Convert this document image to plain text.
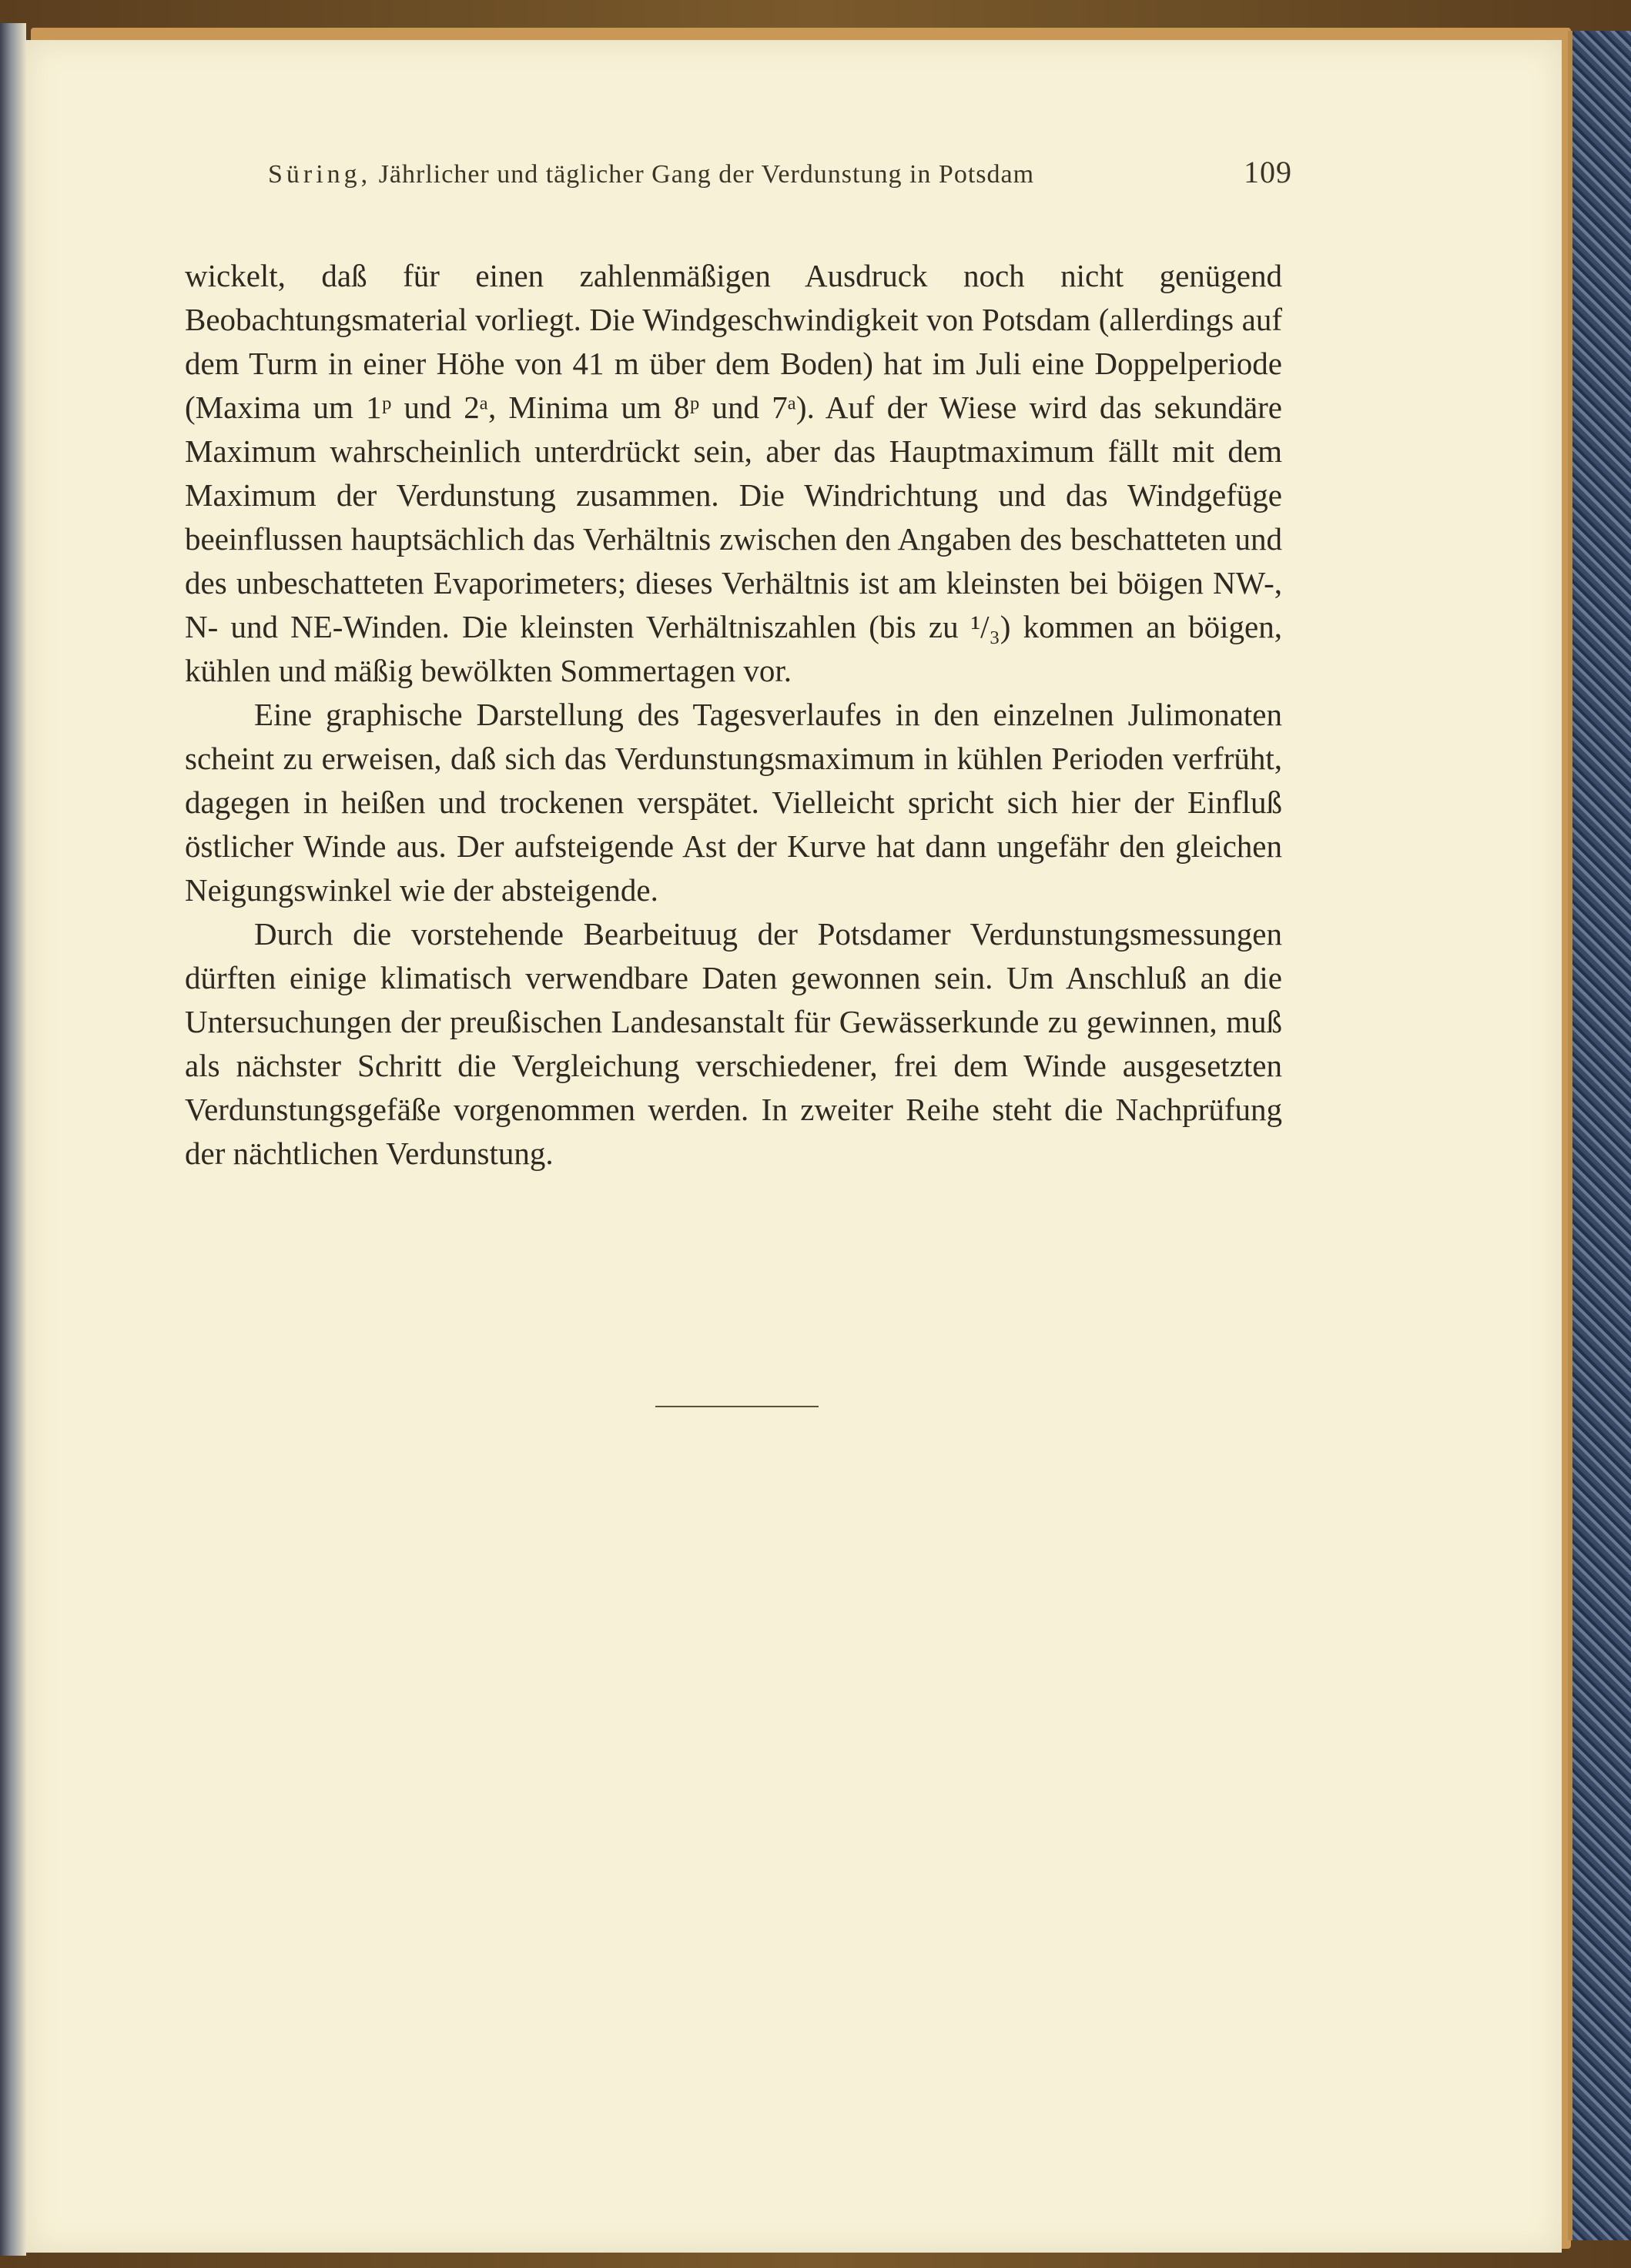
Süring, Jährlicher und täglicher Gang der Verdunstung in Potsdam	109

wickelt, daß für einen zahlenmäßigen Ausdruck noch nicht genügend Beobachtungsmaterial vorliegt. Die Windgeschwindigkeit von Potsdam (allerdings auf dem Turm in einer Höhe von 41 m über dem Boden) hat im Juli eine Doppelperiode (Maxima um 1ᵖ und 2ᵃ, Minima um 8ᵖ und 7ᵃ). Auf der Wiese wird das sekundäre Maximum wahrscheinlich unterdrückt sein, aber das Hauptmaximum fällt mit dem Maximum der Verdunstung zusammen. Die Windrichtung und das Windgefüge beeinflussen hauptsächlich das Verhältnis zwischen den Angaben des beschatteten und des unbeschatteten Evaporimeters; dieses Verhältnis ist am kleinsten bei böigen NW-, N- und NE-Winden. Die kleinsten Verhältniszahlen (bis zu ¹/₃) kommen an böigen, kühlen und mäßig bewölkten Sommertagen vor.

Eine graphische Darstellung des Tagesverlaufes in den einzelnen Julimonaten scheint zu erweisen, daß sich das Verdunstungsmaximum in kühlen Perioden verfrüht, dagegen in heißen und trockenen verspätet. Vielleicht spricht sich hier der Einfluß östlicher Winde aus. Der aufsteigende Ast der Kurve hat dann ungefähr den gleichen Neigungswinkel wie der absteigende.

Durch die vorstehende Bearbeituug der Potsdamer Verdunstungsmessungen dürften einige klimatisch verwendbare Daten gewonnen sein. Um Anschluß an die Untersuchungen der preußischen Landesanstalt für Gewässerkunde zu gewinnen, muß als nächster Schritt die Vergleichung verschiedener, frei dem Winde ausgesetzten Verdunstungsgefäße vorgenommen werden. In zweiter Reihe steht die Nachprüfung der nächtlichen Verdunstung.
